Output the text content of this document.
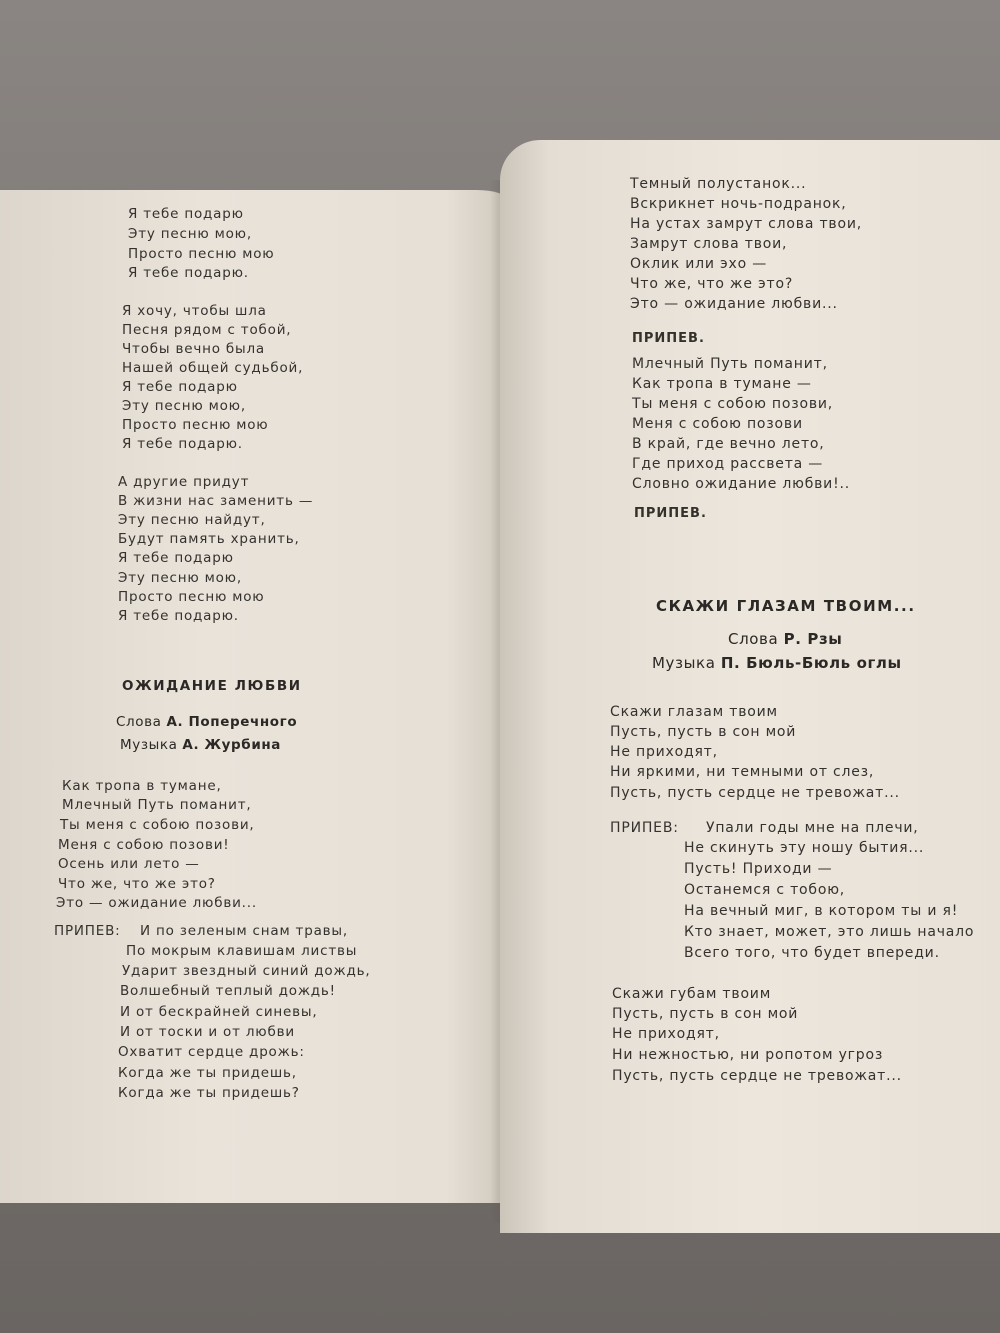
Я тебе подарю
Эту песню мою,
Просто песню мою
Я тебе подарю.
Я хочу, чтобы шла
Песня рядом с тобой,
Чтобы вечно была
Нашей общей судьбой,
Я тебе подарю
Эту песню мою,
Просто песню мою
Я тебе подарю.
А другие придут
В жизни нас заменить —
Эту песню найдут,
Будут память хранить,
Я тебе подарю
Эту песню мою,
Просто песню мою
Я тебе подарю.
ОЖИДАНИЕ ЛЮБВИ
Слова А. Поперечного
Музыка А. Журбина
Как тропа в тумане,
Млечный Путь поманит,
Ты меня с собою позови,
Меня с собою позови!
Осень или лето —
Что же, что же это?
Это — ожидание любви...
ПРИПЕВ: И по зеленым снам травы,
По мокрым клавишам листвы
Ударит звездный синий дождь,
Волшебный теплый дождь!
И от бескрайней синевы,
И от тоски и от любви
Охватит сердце дрожь:
Когда же ты придешь,
Когда же ты придешь?
Темный полустанок...
Вскрикнет ночь-подранок,
На устах замрут слова твои,
Замрут слова твои,
Оклик или эхо —
Что же, что же это?
Это — ожидание любви...
ПРИПЕВ.
Млечный Путь поманит,
Как тропа в тумане —
Ты меня с собою позови,
Меня с собою позови
В край, где вечно лето,
Где приход рассвета —
Словно ожидание любви!..
ПРИПЕВ.
СКАЖИ ГЛАЗАМ ТВОИМ...
Слова Р. Рзы
Музыка П. Бюль-Бюль оглы
Скажи глазам твоим
Пусть, пусть в сон мой
Не приходят,
Ни яркими, ни темными от слез,
Пусть, пусть сердце не тревожат...
ПРИПЕВ: Упали годы мне на плечи,
Не скинуть эту ношу бытия...
Пусть! Приходи —
Останемся с тобою,
На вечный миг, в котором ты и я!
Кто знает, может, это лишь начало
Всего того, что будет впереди.
Скажи губам твоим
Пусть, пусть в сон мой
Не приходят,
Ни нежностью, ни ропотом угроз
Пусть, пусть сердце не тревожат...
